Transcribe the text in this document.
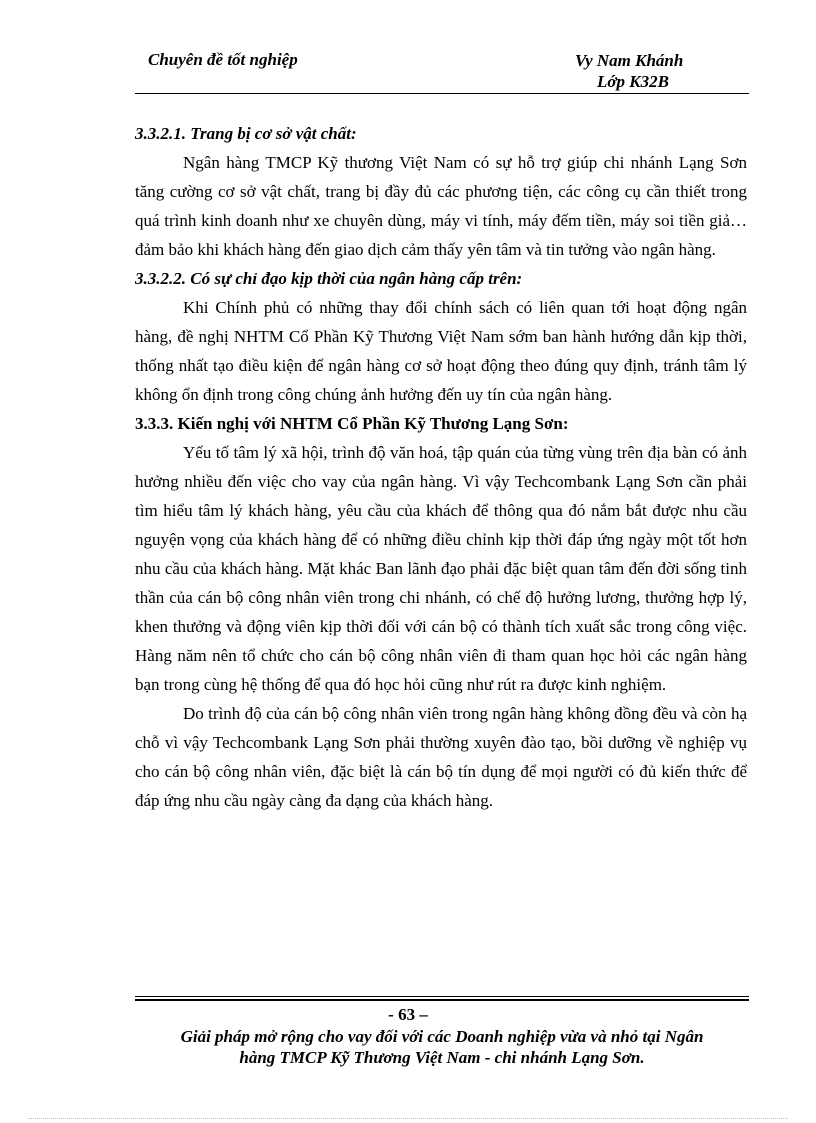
Chuyên đề tốt nghiệp	Vy Nam Khánh
Lớp K32B
3.3.2.1. Trang bị cơ sở vật chất:

Ngân hàng TMCP Kỹ thương Việt Nam có sự hỗ trợ giúp chi nhánh Lạng Sơn tăng cường cơ sở vật chất, trang bị đầy đủ các phương tiện, các công cụ cần thiết trong quá trình kinh doanh như xe chuyên dùng, máy vi tính, máy đếm tiền, máy soi tiền giả… đảm bảo khi khách hàng đến giao dịch cảm thấy yên tâm và tin tưởng vào ngân hàng.

3.3.2.2. Có sự chỉ đạo kịp thời của ngân hàng cấp trên:

Khi Chính phủ có những thay đổi chính sách có liên quan tới hoạt động ngân hàng, đề nghị NHTM Cổ Phần Kỹ Thương Việt Nam sớm ban hành hướng dẫn kịp thời, thống nhất tạo điều kiện để ngân hàng cơ sở hoạt động theo đúng quy định, tránh tâm lý không ổn định trong công chúng ảnh hưởng đến uy tín của ngân hàng.

3.3.3. Kiến nghị với NHTM Cổ Phần Kỹ Thương Lạng Sơn:

Yếu tố tâm lý xã hội, trình độ văn hoá, tập quán của từng vùng trên địa bàn có ảnh hưởng nhiều đến việc cho vay của ngân hàng. Vì vậy Techcombank Lạng Sơn cần phải tìm hiểu tâm lý khách hàng, yêu cầu của khách để thông qua đó nắm bắt được nhu cầu nguyện vọng của khách hàng để có những điều chỉnh kịp thời đáp ứng ngày một tốt hơn nhu cầu của khách hàng. Mặt khác Ban lãnh đạo phải đặc biệt quan tâm đến đời sống tinh thần của cán bộ công nhân viên trong chi nhánh, có chế độ hưởng lương, thưởng hợp lý, khen thưởng và động viên kịp thời đối với cán bộ có thành tích xuất sắc trong công việc. Hàng năm nên tổ chức cho cán bộ công nhân viên đi tham quan học hỏi các ngân hàng bạn trong cùng hệ thống để qua đó học hỏi cũng như rút ra được kinh nghiệm.

Do trình độ của cán bộ công nhân viên trong ngân hàng không đồng đều và còn hạ chỗ vì vậy Techcombank Lạng Sơn phải thường xuyên đào tạo, bồi dưỡng về nghiệp vụ cho cán bộ công nhân viên, đặc biệt là cán bộ tín dụng để mọi người có đủ kiến thức để đáp ứng nhu cầu ngày càng đa dạng của khách hàng.

- 63 –
Giải pháp mở rộng cho vay đối với các Doanh nghiệp vừa và nhỏ tại Ngân
hàng TMCP Kỹ Thương Việt Nam - chi nhánh Lạng Sơn.
